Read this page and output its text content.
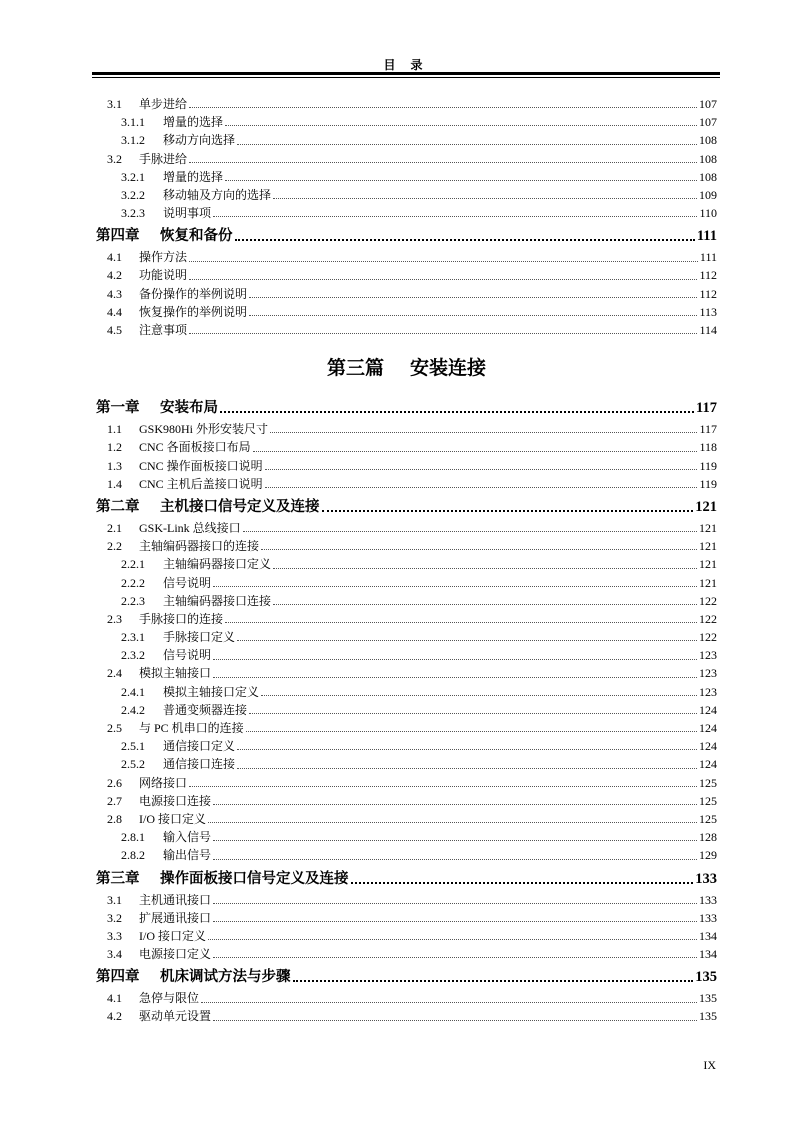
目 录
3.1	单步进给	107
3.1.1	增量的选择	107
3.1.2	移动方向选择	108
3.2	手脉进给	108
3.2.1	增量的选择	108
3.2.2	移动轴及方向的选择	109
3.2.3	说明事项	110
第四章	恢复和备份	111
4.1	操作方法	111
4.2	功能说明	112
4.3	备份操作的举例说明	112
4.4	恢复操作的举例说明	113
4.5	注意事项	114
第三篇 安装连接
第一章	安装布局	117
1.1	GSK980Hi 外形安装尺寸	117
1.2	CNC 各面板接口布局	118
1.3	CNC 操作面板接口说明	119
1.4	CNC 主机后盖接口说明	119
第二章	主机接口信号定义及连接	121
2.1	GSK-Link 总线接口	121
2.2	主轴编码器接口的连接	121
2.2.1	主轴编码器接口定义	121
2.2.2	信号说明	121
2.2.3	主轴编码器接口连接	122
2.3	手脉接口的连接	122
2.3.1	手脉接口定义	122
2.3.2	信号说明	123
2.4	模拟主轴接口	123
2.4.1	模拟主轴接口定义	123
2.4.2	普通变频器连接	124
2.5	与 PC 机串口的连接	124
2.5.1	通信接口定义	124
2.5.2	通信接口连接	124
2.6	网络接口	125
2.7	电源接口连接	125
2.8	I/O 接口定义	125
2.8.1	输入信号	128
2.8.2	输出信号	129
第三章	操作面板接口信号定义及连接	133
3.1	主机通讯接口	133
3.2	扩展通讯接口	133
3.3	I/O 接口定义	134
3.4	电源接口定义	134
第四章	机床调试方法与步骤	135
4.1	急停与限位	135
4.2	驱动单元设置	135
IX
